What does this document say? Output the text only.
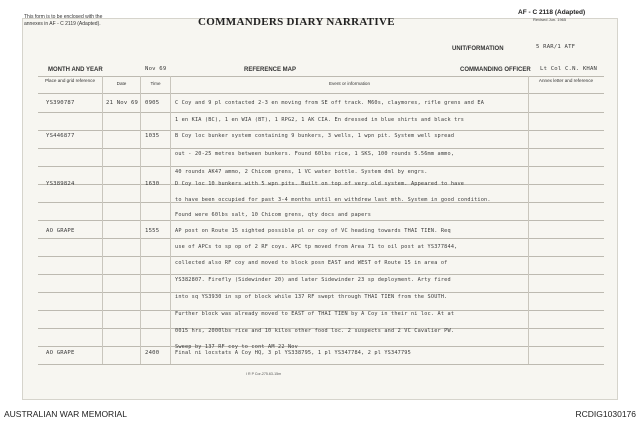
This form is to be enclosed with the
annexes in AF - C 2119 (Adapted).	COMMANDERS DIARY NARRATIVE
AF - C 2118 (Adapted)
Revised Jun. 1965
UNIT/FORMATION	5 RAR/1 ATF
MONTH AND YEAR	Nov 69	REFERENCE MAP	COMMANDING OFFICER Lt Col C.N. KHAN
Place and grid reference
Date	Time	Event or information
Annex letter and reference
YS390787	21 Nov 69 0905	C Coy and 9 pl contacted 2-3 en moving from SE off track. M60s, claymores, rifle grens and EA
1 en KIA (BC), 1 en WIA (BT), 1 RPG2, 1 AK CIA. En dressed in blue shirts and black trs
YS446877	1035	B Coy loc bunker system containing 9 bunkers, 3 wells, 1 wpn pit. System well spread
out - 20-25 metres between bunkers. Found 60lbs rice, 1 SKS, 100 rounds 5.56mm ammo,
40 rounds AK47 ammo, 2 Chicom grens, 1 VC water bottle. System dml by engrs.
YS389824	1630	D Coy loc 10 bunkers with 5 wpn pits. Built on top of very old system. Appeared to have
to have been occupied for past 3-4 months until en withdrew last mth. System in good condition.
Found were 60lbs salt, 10 Chicom grens, qty docs and papers
AO GRAPE	1555	AP post on Route 15 sighted possible pl or coy of VC heading towards THAI TIEN. Req
use of APCs to sp op of 2 RF coys. APC tp moved from Area 71 to oil post at YS377844,
collected also RF coy and moved to block posn EAST and WEST of Route 15 in area of
YS382807. Firefly (Sidewinder 20) and later Sidewinder 23 sp deployment. Arty fired
into sq YS3930 in sp of block while 137 RF swept through THAI TIEN from the SOUTH.
Further block was already moved to EAST of THAI TIEN by A Coy in their ni loc. At at
0015 hrs, 2000lbs rice and 10 kilos other food loc. 2 suspects and 2 VC Cavalier PW.
Sweep by 137 RF coy to cont AM 22 Nov
AO GRAPE	2400	Final ni locstats A Coy HQ, 3 pl YS338795, 1 pl YS347784, 2 pl YS347795
I R P Cor-275.63-15m
AUSTRALIAN WAR MEMORIAL	RCDIG1030176
